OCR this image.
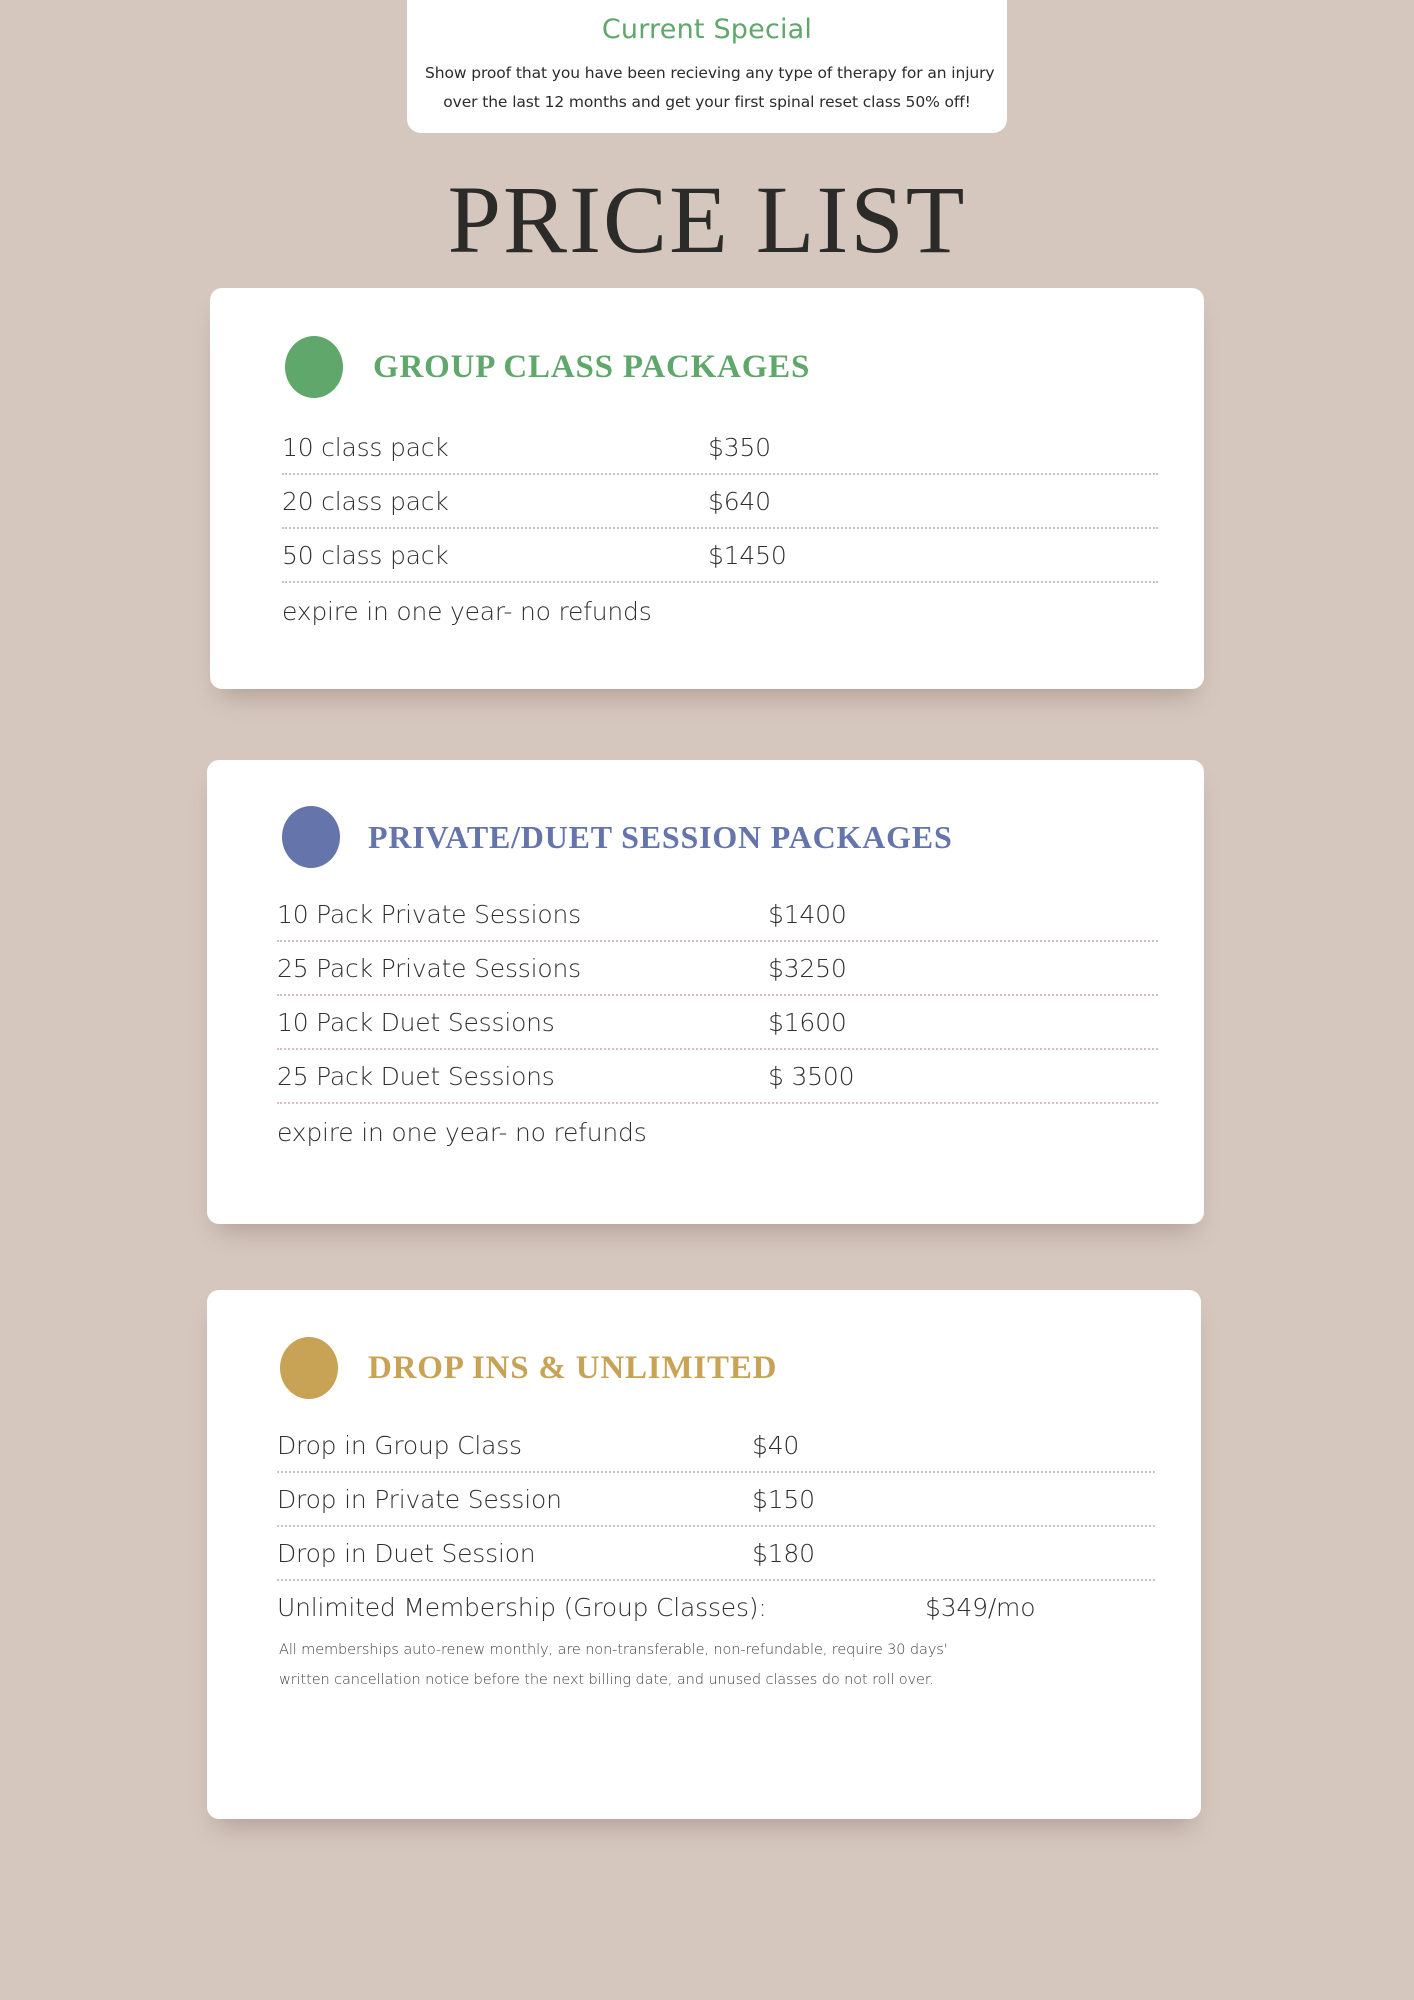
Current Special
Show proof that you have been recieving any type of therapy for an injury
over the last 12 months and get your first spinal reset class 50% off!
PRICE LIST
GROUP CLASS PACKAGES
10 class pack	$350
20 class pack	$640
50 class pack	$1450
expire in one year- no refunds
PRIVATE/DUET SESSION PACKAGES
10 Pack Private Sessions	$1400
25 Pack Private Sessions	$3250
10 Pack Duet Sessions	$1600
25 Pack Duet Sessions	$ 3500
expire in one year- no refunds
DROP INS & UNLIMITED
Drop in Group Class	$40
Drop in Private Session	$150
Drop in Duet Session	$180
Unlimited Membership (Group Classes):	$349/mo
All memberships auto-renew monthly, are non-transferable, non-refundable, require 30 days'
written cancellation notice before the next billing date, and unused classes do not roll over.
